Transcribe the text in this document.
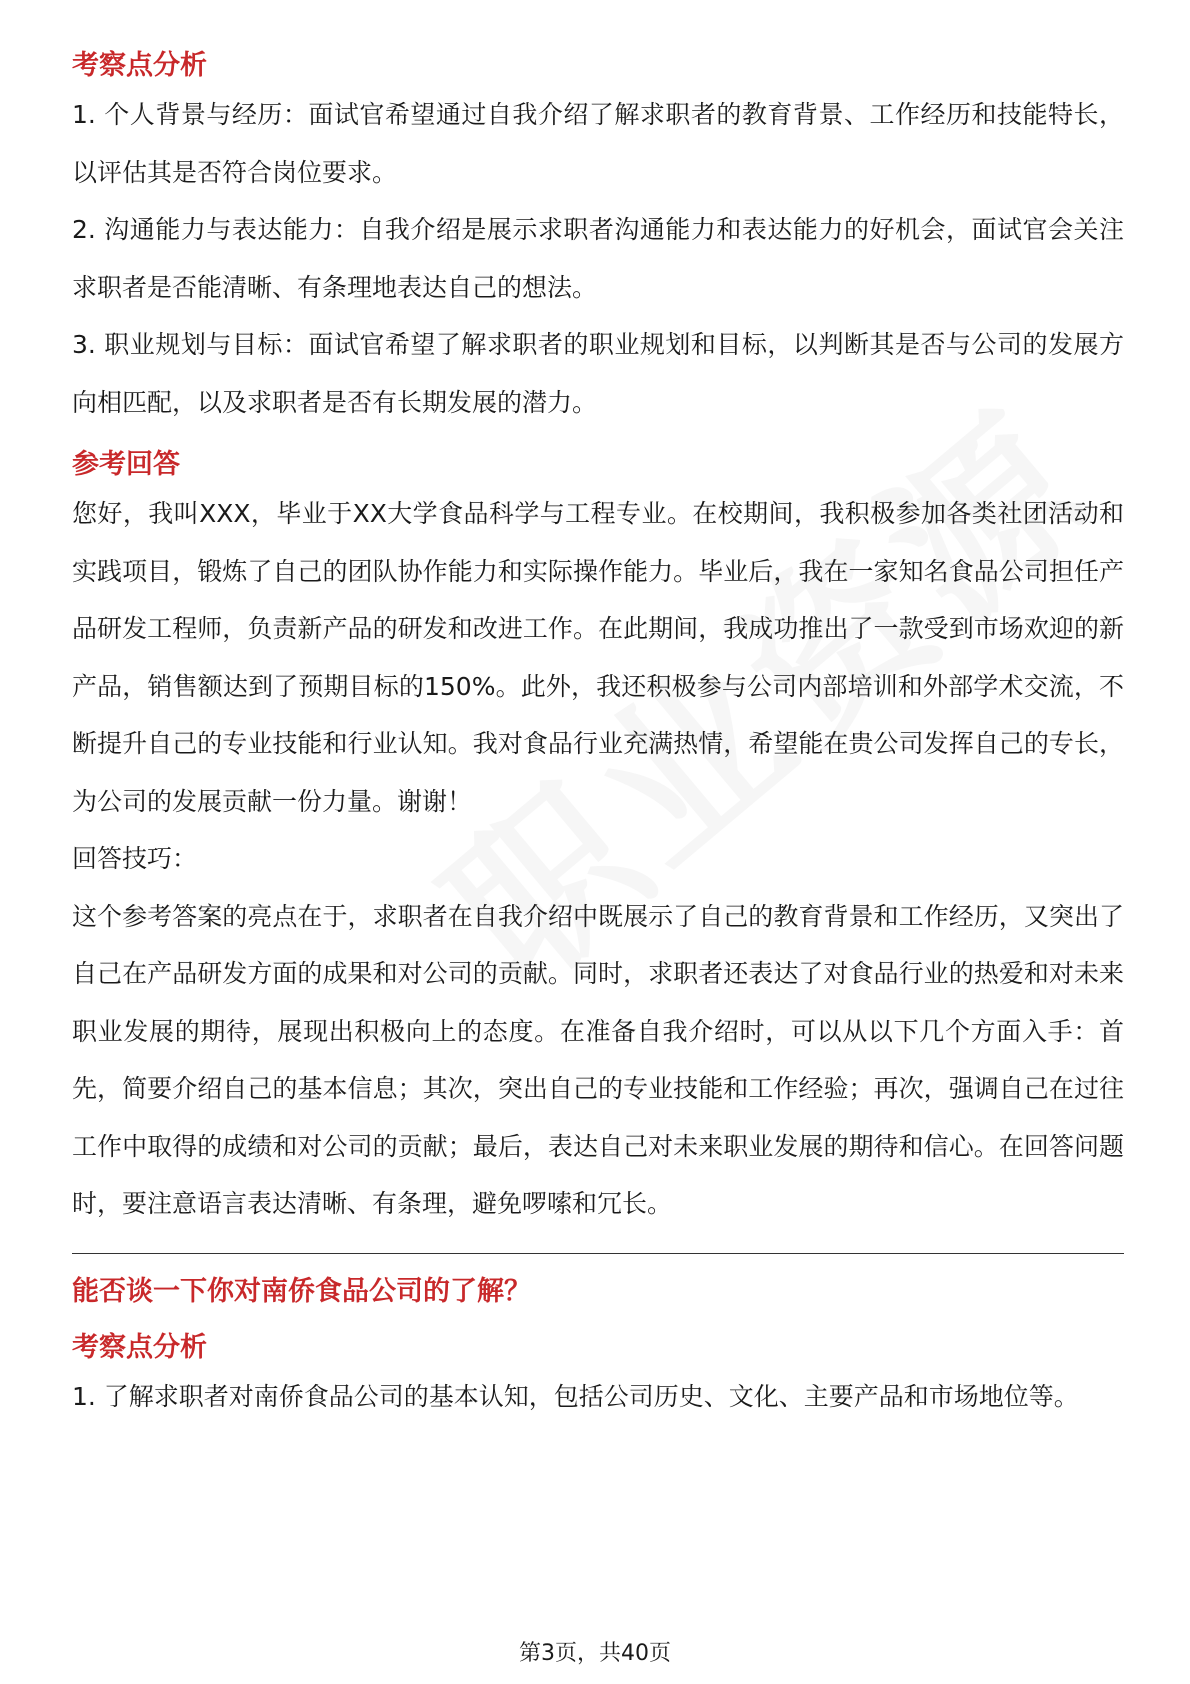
考察点分析

1. 个人背景与经历：面试官希望通过自我介绍了解求职者的教育背景、工作经历和技能特长，以评估其是否符合岗位要求。

2. 沟通能力与表达能力：自我介绍是展示求职者沟通能力和表达能力的好机会，面试官会关注求职者是否能清晰、有条理地表达自己的想法。

3. 职业规划与目标：面试官希望了解求职者的职业规划和目标，以判断其是否与公司的发展方向相匹配，以及求职者是否有长期发展的潜力。

参考回答

您好，我叫XXX，毕业于XX大学食品科学与工程专业。在校期间，我积极参加各类社团活动和实践项目，锻炼了自己的团队协作能力和实际操作能力。毕业后，我在一家知名食品公司担任产品研发工程师，负责新产品的研发和改进工作。在此期间，我成功推出了一款受到市场欢迎的新产品，销售额达到了预期目标的150%。此外，我还积极参与公司内部培训和外部学术交流，不断提升自己的专业技能和行业认知。我对食品行业充满热情，希望能在贵公司发挥自己的专长，为公司的发展贡献一份力量。谢谢！

回答技巧：

这个参考答案的亮点在于，求职者在自我介绍中既展示了自己的教育背景和工作经历，又突出了自己在产品研发方面的成果和对公司的贡献。同时，求职者还表达了对食品行业的热爱和对未来职业发展的期待，展现出积极向上的态度。在准备自我介绍时，可以从以下几个方面入手：首先，简要介绍自己的基本信息；其次，突出自己的专业技能和工作经验；再次，强调自己在过往工作中取得的成绩和对公司的贡献；最后，表达自己对未来职业发展的期待和信心。在回答问题时，要注意语言表达清晰、有条理，避免啰嗦和冗长。

能否谈一下你对南侨食品公司的了解？
考察点分析

1. 了解求职者对南侨食品公司的基本认知，包括公司历史、文化、主要产品和市场地位等。

第3页，共40页
